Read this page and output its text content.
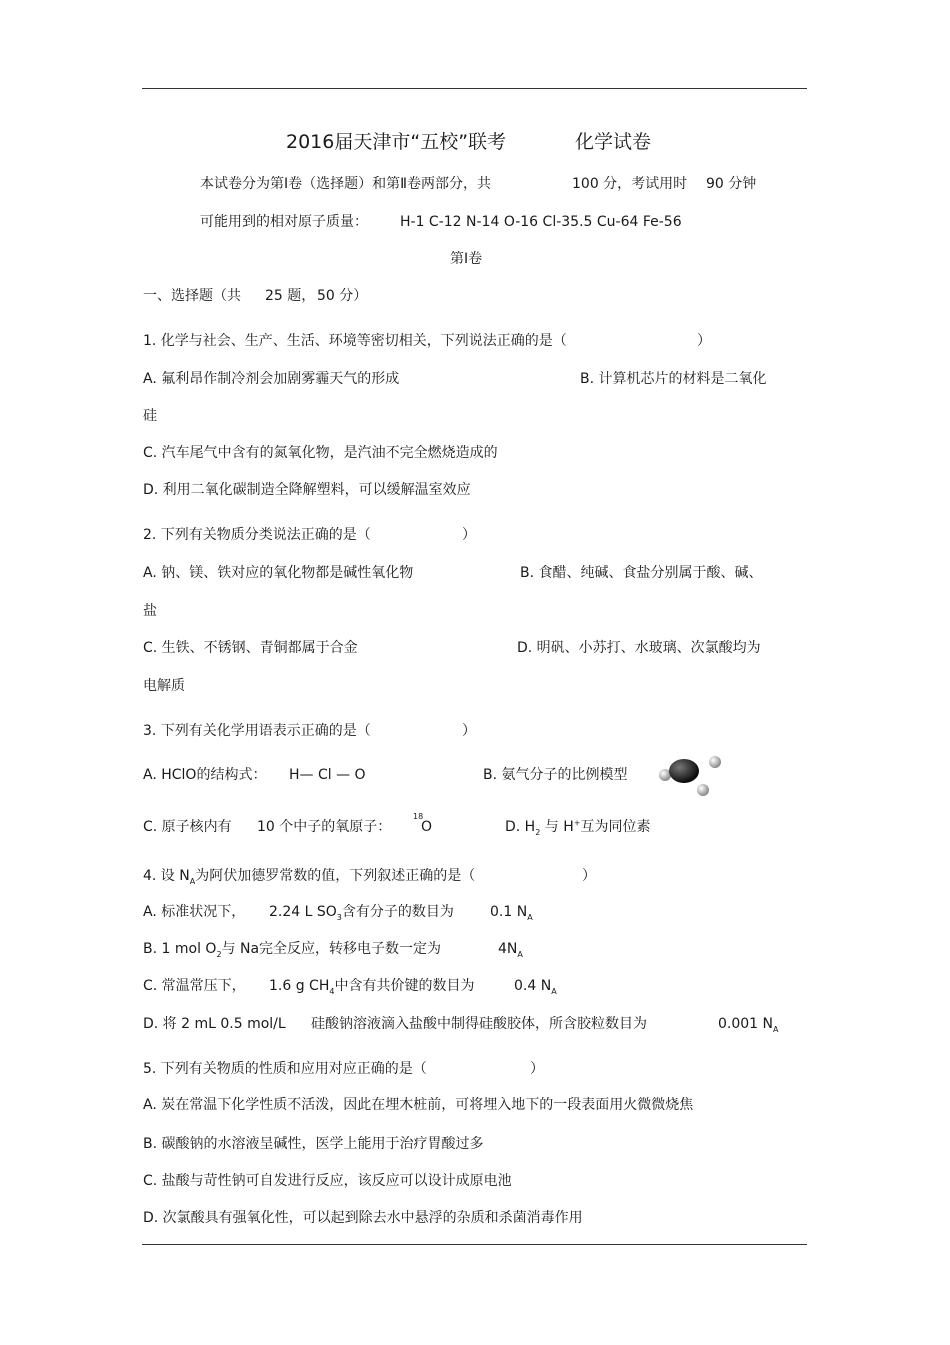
2016届天津市“五校”联考	化学试卷
本试卷分为第Ⅰ卷（选择题）和第Ⅱ卷两部分，共	100 分，考试用时 90 分钟
可能用到的相对原子质量： H-1 C-12 N-14 O-16 Cl-35.5 Cu-64 Fe-56
第Ⅰ卷
一、选择题（共 25 题， 50 分）
1. 化学与社会、生产、生活、环境等密切相关，下列说法正确的是（	）
A. 氟利昂作制冷剂会加剧雾霾天气的形成	B. 计算机芯片的材料是二氧化
硅
C. 汽车尾气中含有的氮氧化物，是汽油不完全燃烧造成的
D. 利用二氧化碳制造全降解塑料，可以缓解温室效应
2. 下列有关物质分类说法正确的是（	）
A. 钠、镁、铁对应的氧化物都是碱性氧化物	B. 食醋、纯碱、食盐分别属于酸、碱、
盐
C. 生铁、不锈钢、青铜都属于合金	D. 明矾、小苏打、水玻璃、次氯酸均为
电解质
3. 下列有关化学用语表示正确的是（	）
A. HClO的结构式： H— Cl — O	B. 氨气分子的比例模型
C. 原子核内有 10 个中子的氧原子：
18
O	D. $H_2$ 与 H+互为同位素
4. 设 $N_A$为阿伏加德罗常数的值，下列叙述正确的是（	）
A. 标准状况下， 2.24 L $SO_3$含有分子的数目为	0.1 $N_A$
B. 1 mol $O_2$与 Na完全反应，转移电子数一定为	$4N_A$
C. 常温常压下， 1.6 g $CH_4$中含有共价键的数目为	0.4 $N_A$
D. 将 2 mL 0.5 mol/L 硅酸钠溶液滴入盐酸中制得硅酸胶体，所含胶粒数目为	0.001 $N_A$
5. 下列有关物质的性质和应用对应正确的是（	）
A. 炭在常温下化学性质不活泼，因此在埋木桩前，可将埋入地下的一段表面用火微微烧焦
B. 碳酸钠的水溶液呈碱性，医学上能用于治疗胃酸过多
C. 盐酸与苛性钠可自发进行反应，该反应可以设计成原电池
D. 次氯酸具有强氧化性，可以起到除去水中悬浮的杂质和杀菌消毒作用
